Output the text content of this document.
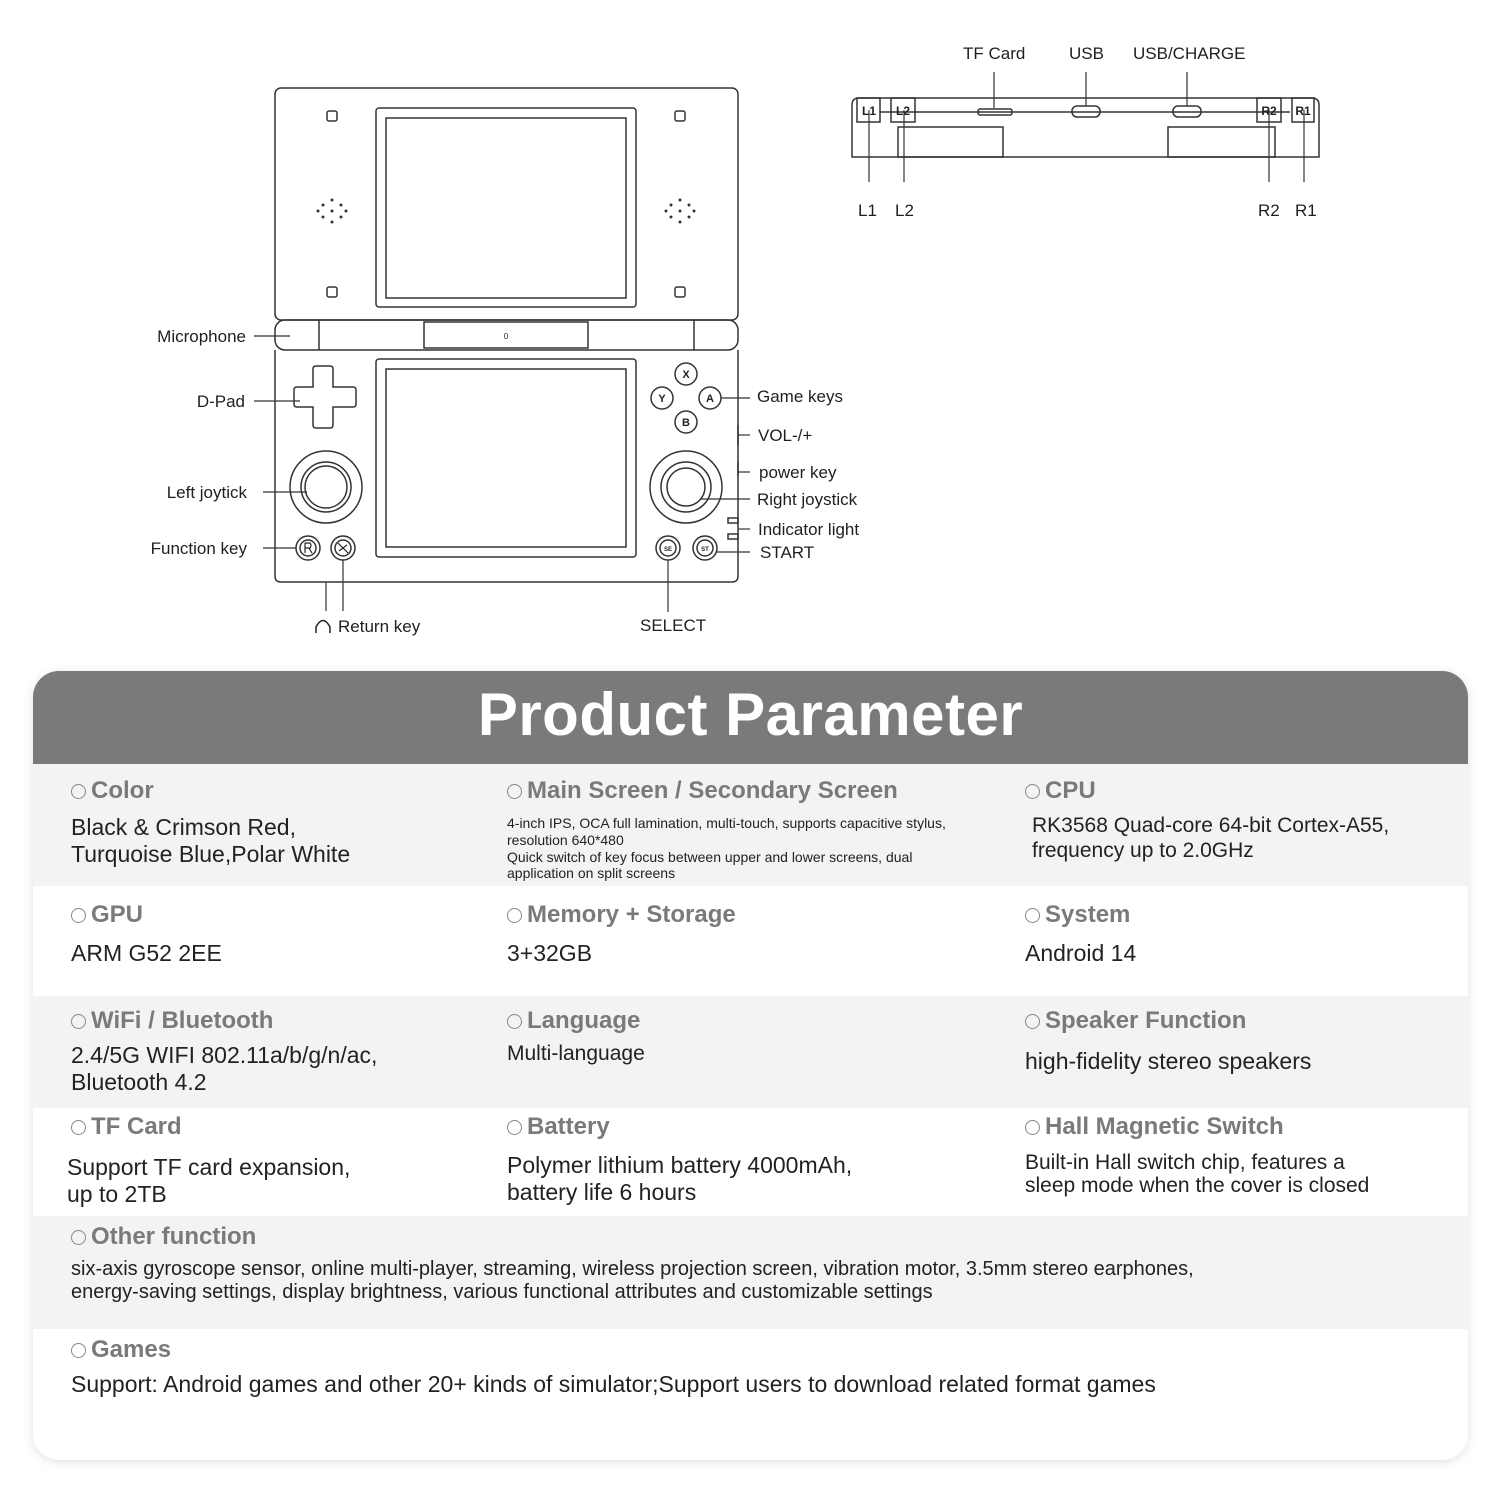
X
Y	A
B
SE	ST
0
L1 L2	R2 R1
Microphone
D-Pad
Left joytick
Function key
Return key	SELECT
Game keys
VOL-/+
power key
Right joystick
Indicator light
START
TF Card	USB USB/CHARGE
L1 L2	R2 R1
Product Parameter
Color
Black & Crimson Red,
Turquoise Blue,Polar White
Main Screen / Secondary Screen
4-inch IPS, OCA full lamination, multi-touch, supports capacitive stylus,
resolution 640*480
Quick switch of key focus between upper and lower screens, dual
application on split screens
CPU
RK3568 Quad-core 64-bit Cortex-A55,
frequency up to 2.0GHz
GPU
ARM G52 2EE
Memory + Storage
3+32GB
System
Android 14
WiFi / Bluetooth
2.4/5G WIFI 802.11a/b/g/n/ac,
Bluetooth 4.2
Language
Multi-language
Speaker Function
high-fidelity stereo speakers
TF Card
Support TF card expansion,
up to 2TB
Battery
Polymer lithium battery 4000mAh,
battery life 6 hours
Hall Magnetic Switch
Built-in Hall switch chip, features a
sleep mode when the cover is closed
Other function
six-axis gyroscope sensor, online multi-player, streaming, wireless projection screen, vibration motor, 3.5mm stereo earphones,
energy-saving settings, display brightness, various functional attributes and customizable settings
Games
Support: Android games and other 20+ kinds of simulator;Support users to download related format games
